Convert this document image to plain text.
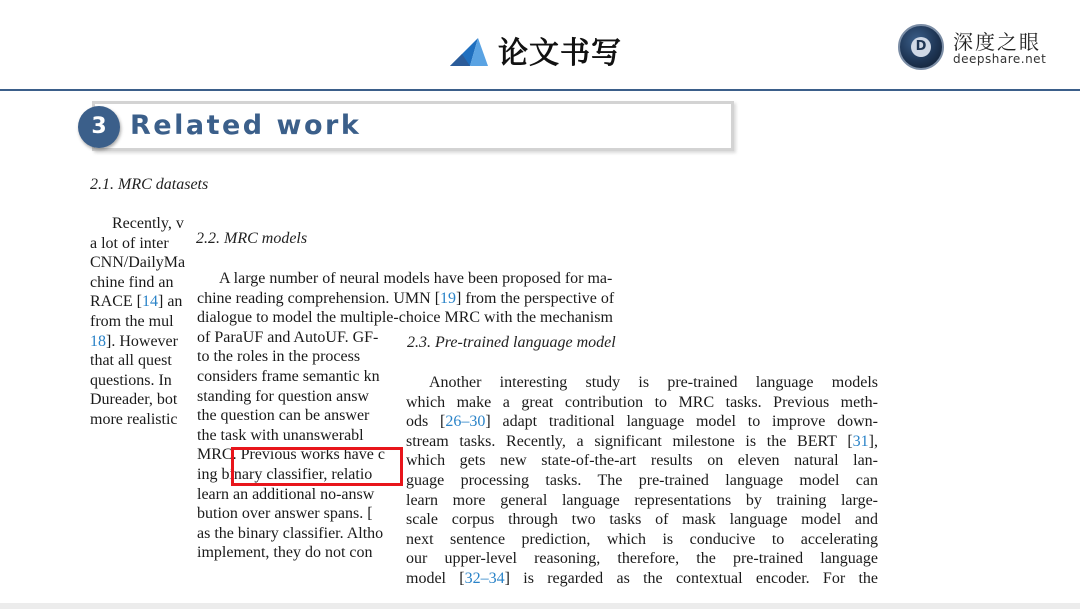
论文书写	D 深度之眼
deepshare.net
3 Related work
2.1. MRC datasets
Recently, v
a lot of inter
CNN/DailyMa
chine find an
RACE [14] an
from the mul
18]. However
that all quest
questions. In
Dureader, bot
more realistic
2.2. MRC models
A large number of neural models have been proposed for ma-
chine reading comprehension. UMN [19] from the perspective of
dialogue to model the multiple-choice MRC with the mechanism
of ParaUF and AutoUF. GF-
to the roles in the process
considers frame semantic kn
standing for question answ
the question can be answer
the task with unanswerabl
MRC. Previous works have c
ing binary classifier, relatio
learn an additional no-answ
bution over answer spans. [
as the binary classifier. Altho
implement, they do not con
2.3. Pre-trained language model
Another interesting study is pre-trained language models
which make a great contribution to MRC tasks. Previous meth-
ods [26–30] adapt traditional language model to improve down-
stream tasks. Recently, a significant milestone is the BERT [31],
which gets new state-of-the-art results on eleven natural lan-
guage processing tasks. The pre-trained language model can
learn more general language representations by training large-
scale corpus through two tasks of mask language model and
next sentence prediction, which is conducive to accelerating
our upper-level reasoning, therefore, the pre-trained language
model [32–34] is regarded as the contextual encoder. For the
